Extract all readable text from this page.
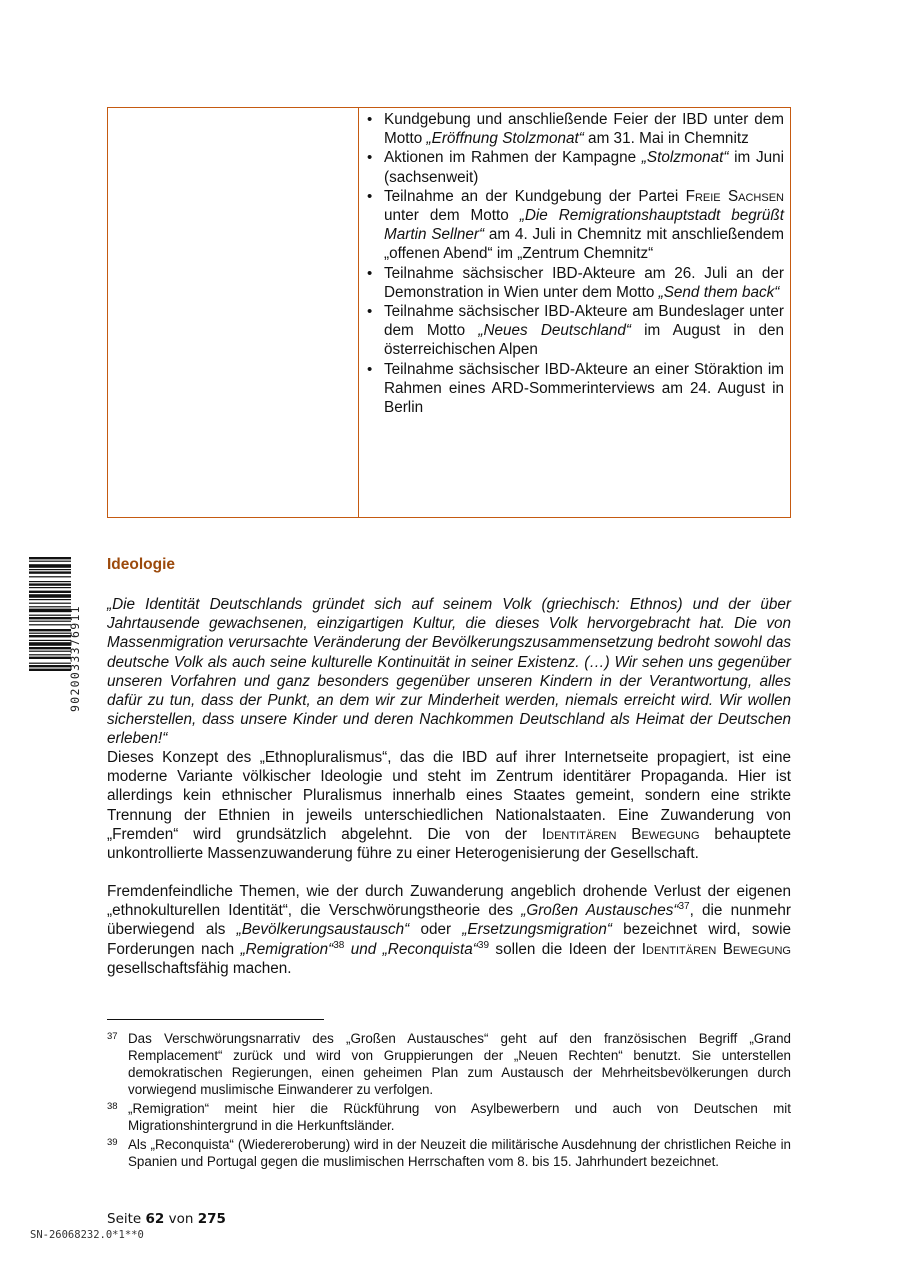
• Kundgebung und anschließende Feier der IBD unter dem Motto „Eröffnung Stolzmonat“ am 31. Mai in Chemnitz
• Aktionen im Rahmen der Kampagne „Stolzmonat“ im Juni (sachsenweit)
• Teilnahme an der Kundgebung der Partei Freie Sachsen unter dem Motto „Die Remigrationshauptstadt begrüßt Martin Sellner“ am 4. Juli in Chemnitz mit anschließendem „offenen Abend“ im „Zentrum Chemnitz“
• Teilnahme sächsischer IBD-Akteure am 26. Juli an der Demonstration in Wien unter dem Motto „Send them back“
• Teilnahme sächsischer IBD-Akteure am Bundeslager unter dem Motto „Neues Deutschland“ im August in den österreichischen Alpen
• Teilnahme sächsischer IBD-Akteure an einer Störaktion im Rahmen eines ARD-Sommerinterviews am 24. August in Berlin
Ideologie

„Die Identität Deutschlands gründet sich auf seinem Volk (griechisch: Ethnos) und der über Jahrtausende gewachsenen, einzigartigen Kultur, die dieses Volk hervorgebracht hat. Die von Massenmigration verursachte Veränderung der Bevölkerungszusammensetzung bedroht sowohl das deutsche Volk als auch seine kulturelle Kontinuität in seiner Existenz. (…) Wir sehen uns gegenüber unseren Vorfahren und ganz besonders gegenüber unseren Kindern in der Verantwortung, alles dafür zu tun, dass der Punkt, an dem wir zur Minderheit werden, niemals erreicht wird. Wir wollen sicherstellen, dass unsere Kinder und deren Nachkommen Deutschland als Heimat der Deutschen erleben!“

Dieses Konzept des „Ethnopluralismus“, das die IBD auf ihrer Internetseite propagiert, ist eine moderne Variante völkischer Ideologie und steht im Zentrum identitärer Propaganda. Hier ist allerdings kein ethnischer Pluralismus innerhalb eines Staates gemeint, sondern eine strikte Trennung der Ethnien in jeweils unterschiedlichen Nationalstaaten. Eine Zuwanderung von „Fremden“ wird grundsätzlich abgelehnt. Die von der Identitären Bewegung behauptete unkontrollierte Massenzuwanderung führe zu einer Heterogenisierung der Gesellschaft.

Fremdenfeindliche Themen, wie der durch Zuwanderung angeblich drohende Verlust der eigenen „ethnokulturellen Identität“, die Verschwörungstheorie des „Großen Austausches“$^{37}$, die nunmehr überwiegend als „Bevölkerungsaustausch“ oder „Ersetzungsmigration“ bezeichnet wird, sowie Forderungen nach „Remigration“$^{38}$ und „Reconquista“$^{39}$ sollen die Ideen der Identitären Bewegung gesellschaftsfähig machen.

37 Das Verschwörungsnarrativ des „Großen Austausches“ geht auf den französischen Begriff „Grand Remplacement“ zurück und wird von Gruppierungen der „Neuen Rechten“ benutzt. Sie unterstellen demokratischen Regierungen, einen geheimen Plan zum Austausch der Mehrheitsbevölkerungen durch vorwiegend muslimische Einwanderer zu verfolgen.
38 „Remigration“ meint hier die Rückführung von Asylbewerbern und auch von Deutschen mit Migrationshintergrund in die Herkunftsländer.
39 Als „Reconquista“ (Wiedereroberung) wird in der Neuzeit die militärische Ausdehnung der christlichen Reiche in Spanien und Portugal gegen die muslimischen Herrschaften vom 8. bis 15. Jahrhundert bezeichnet.
Seite 62 von 275
SN-26068232.0*1**0
9020033376911
